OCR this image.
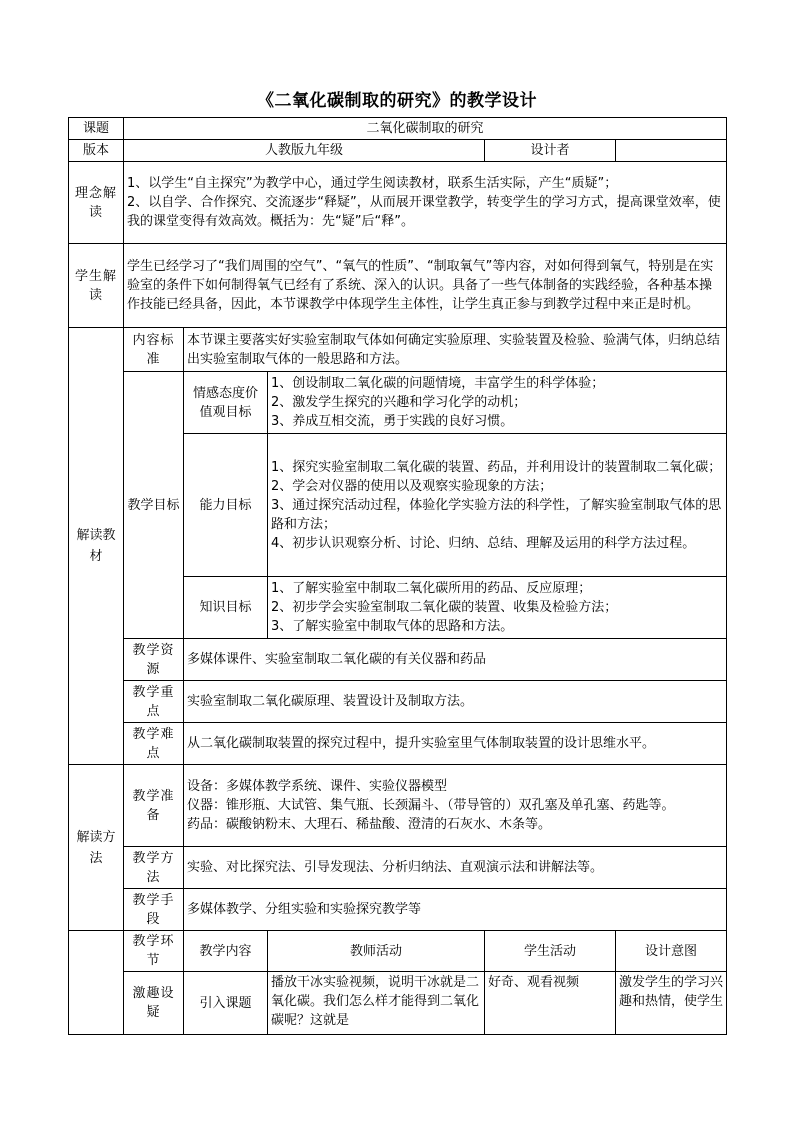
《二氧化碳制取的研究》的教学设计
课题	二氧化碳制取的研究				
版本	人教版九年级			设计者	
理念解读	1、以学生“自主探究”为教学中心，通过学生阅读教材，联系生活实际，产生“质疑”；
2、以自学、合作探究、交流逐步“释疑”，从而展开课堂教学，转变学生的学习方式，提高课堂效率，使我的课堂变得有效高效。概括为：先“疑”后“释”。				

学生解读	学生已经学习了“我们周围的空气”、“氧气的性质”、“制取氧气”等内容，对如何得到氧气，特别是在实验室的条件下如何制得氧气已经有了系统、深入的认识。具备了一些气体制备的实践经验，各种基本操作技能已经具备，因此，本节课教学中体现学生主体性，让学生真正参与到教学过程中来正是时机。				
解读教材	内容标准	本节课主要落实好实验室制取气体如何确定实验原理、实验装置及检验、验满气体，归纳总结出实验室制取气体的一般思路和方法。			
	教学目标	情感态度价值观目标	1、创设制取二氧化碳的问题情境，丰富学生的科学体验；
2、激发学生探究的兴趣和学习化学的动机；
3、养成互相交流，勇于实践的良好习惯。		

		能力目标	1、探究实验室制取二氧化碳的装置、药品，并利用设计的装置制取二氧化碳；
2、学会对仪器的使用以及观察实验现象的方法；
3、通过探究活动过程，体验化学实验方法的科学性，了解实验室制取气体的思路和方法；
4、初步认识观察分析、讨论、归纳、总结、理解及运用的科学方法过程。		

		知识目标	1、了解实验室中制取二氧化碳所用的药品、反应原理；
2、初步学会实验室制取二氧化碳的装置、收集及检验方法；
3、了解实验室中制取气体的思路和方法。		

	教学资源	多媒体课件、实验室制取二氧化碳的有关仪器和药品			
	教学重点	实验室制取二氧化碳原理、装置设计及制取方法。			
	教学难点	从二氧化碳制取装置的探究过程中，提升实验室里气体制取装置的设计思维水平。			
解读方法	教学准备	设备：多媒体教学系统、课件、实验仪器模型
仪器：锥形瓶、大试管、集气瓶、长颈漏斗、（带导管的）双孔塞及单孔塞、药匙等。
药品：碳酸钠粉末、大理石、稀盐酸、澄清的石灰水、木条等。			

	教学方法	实验、对比探究法、引导发现法、分析归纳法、直观演示法和讲解法等。			
	教学手段	多媒体教学、分组实验和实验探究教学等			
	教学环节	教学内容	教师活动	学生活动	设计意图
	激趣设疑	引入课题	播放干冰实验视频，说明干冰就是二氧化碳。我们怎么样才能得到二氧化碳呢？这就是	好奇、观看视频	激发学生的学习兴趣和热情，使学生
